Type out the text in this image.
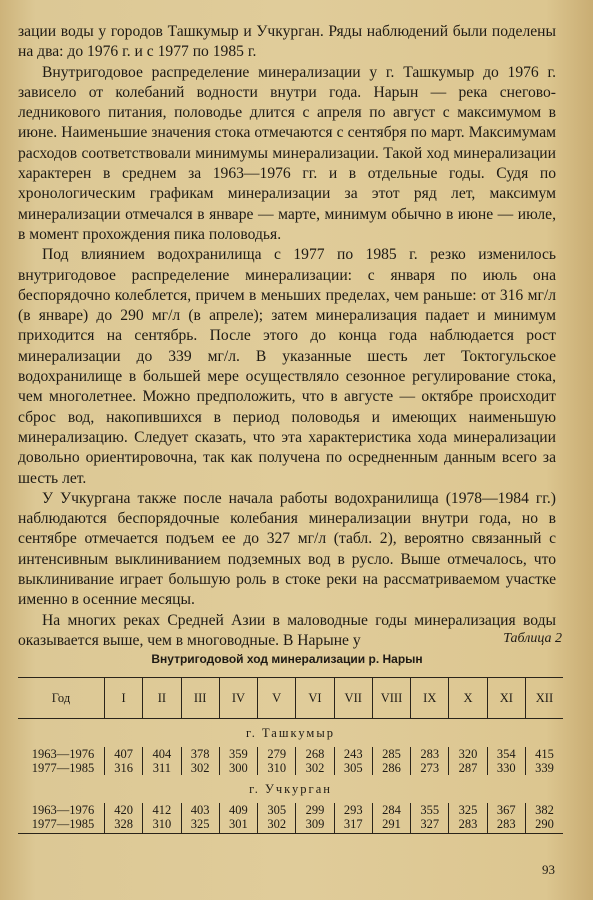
зации воды у городов Ташкумыр и Учкурган. Ряды наблюдений были поделены на два: до 1976 г. и с 1977 по 1985 г.

Внутригодовое распределение минерализации у г. Ташкумыр до 1976 г. зависело от колебаний водности внутри года. Нарын — река снегово-ледникового питания, половодье длится с апреля по август с максимумом в июне. Наименьшие значения стока отмечаются с сентября по март. Максимумам расходов соответствовали минимумы минерализации. Такой ход минерализации характерен в среднем за 1963—1976 гг. и в отдельные годы. Судя по хронологическим графикам минерализации за этот ряд лет, максимум минерализации отмечался в январе — марте, минимум обычно в июне — июле, в момент прохождения пика половодья.

Под влиянием водохранилища с 1977 по 1985 г. резко изменилось внутригодовое распределение минерализации: с января по июль она беспорядочно колеблется, причем в меньших пределах, чем раньше: от 316 мг/л (в январе) до 290 мг/л (в апреле); затем минерализация падает и минимум приходится на сентябрь. После этого до конца года наблюдается рост минерализации до 339 мг/л. В указанные шесть лет Токтогульское водохранилище в большей мере осуществляло сезонное регулирование стока, чем многолетнее. Можно предположить, что в августе — октябре происходит сброс вод, накопившихся в период половодья и имеющих наименьшую минерализацию. Следует сказать, что эта характеристика хода минерализации довольно ориентировочна, так как получена по осредненным данным всего за шесть лет.

У Учкургана также после начала работы водохранилища (1978—1984 гг.) наблюдаются беспорядочные колебания минерализации внутри года, но в сентябре отмечается подъем ее до 327 мг/л (табл. 2), вероятно связанный с интенсивным выклиниванием подземных вод в русло. Выше отмечалось, что выклинивание играет большую роль в стоке реки на рассматриваемом участке именно в осенние месяцы.

На многих реках Средней Азии в маловодные годы минерализация воды оказывается выше, чем в многоводные. В Нарыне у	Таблица 2
Внутригодовой ход минерализации р. Нарын
Год	I	II	III	IV	V	VI	VII	VIII	IX	X	XI	XII
г. Ташкумыр												
1963—1976	407	404	378	359	279	268	243	285	283	320	354	415
1977—1985	316	311	302	300	310	302	305	286	273	287	330	339
г. Учкурган												
1963—1976	420	412	403	409	305	299	293	284	355	325	367	382
1977—1985	328	310	325	301	302	309	317	291	327	283	283	290
93
